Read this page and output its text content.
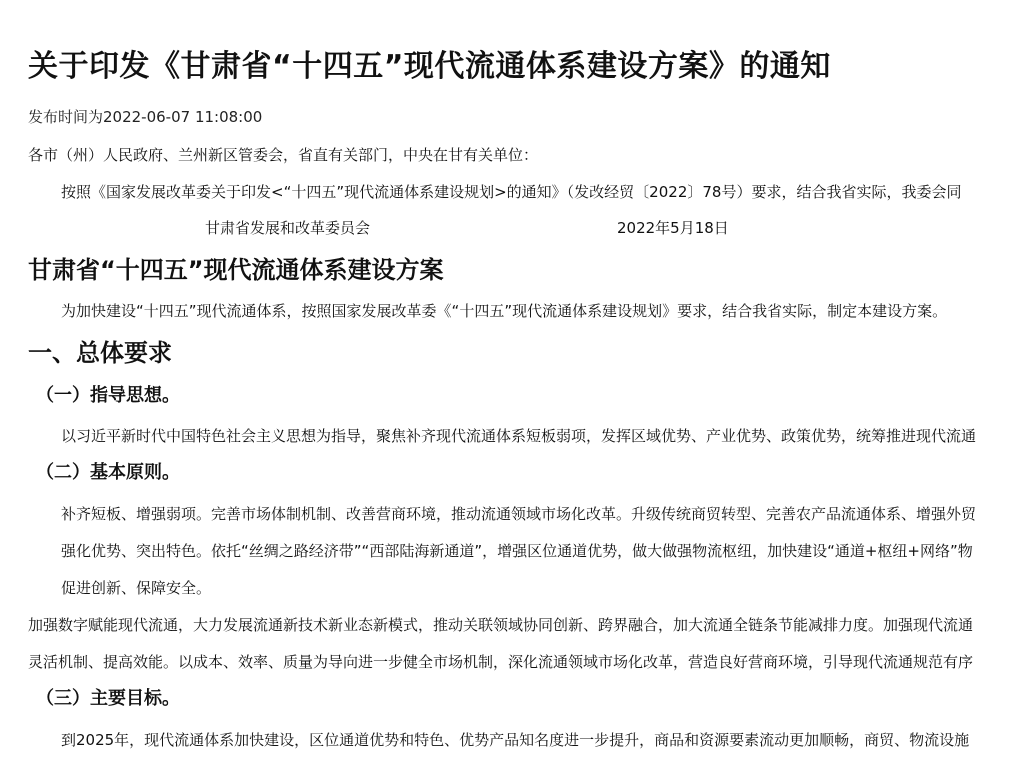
关于印发《甘肃省“十四五”现代流通体系建设方案》的通知
发布时间为2022-06-07 11:08:00
各市（州）人民政府、兰州新区管委会，省直有关部门，中央在甘有关单位：
按照《国家发展改革委关于印发<“十四五”现代流通体系建设规划>的通知》（发改经贸〔2022〕78号）要求，结合我省实际，我委会同
甘肃省发展和改革委员会	2022年5月18日
甘肃省“十四五”现代流通体系建设方案
为加快建设“十四五”现代流通体系，按照国家发展改革委《“十四五”现代流通体系建设规划》要求，结合我省实际，制定本建设方案。
一、总体要求
（一）指导思想。
以习近平新时代中国特色社会主义思想为指导，聚焦补齐现代流通体系短板弱项，发挥区域优势、产业优势、政策优势，统筹推进现代流通
（二）基本原则。
补齐短板、增强弱项。完善市场体制机制、改善营商环境，推动流通领域市场化改革。升级传统商贸转型、完善农产品流通体系、增强外贸
强化优势、突出特色。依托“丝绸之路经济带”“西部陆海新通道”，增强区位通道优势，做大做强物流枢纽，加快建设“通道+枢纽+网络”物
促进创新、保障安全。
加强数字赋能现代流通，大力发展流通新技术新业态新模式，推动关联领域协同创新、跨界融合，加大流通全链条节能减排力度。加强现代流通
灵活机制、提高效能。以成本、效率、质量为导向进一步健全市场机制，深化流通领域市场化改革，营造良好营商环境，引导现代流通规范有序
（三）主要目标。
到2025年，现代流通体系加快建设，区位通道优势和特色、优势产品知名度进一步提升，商品和资源要素流动更加顺畅，商贸、物流设施
